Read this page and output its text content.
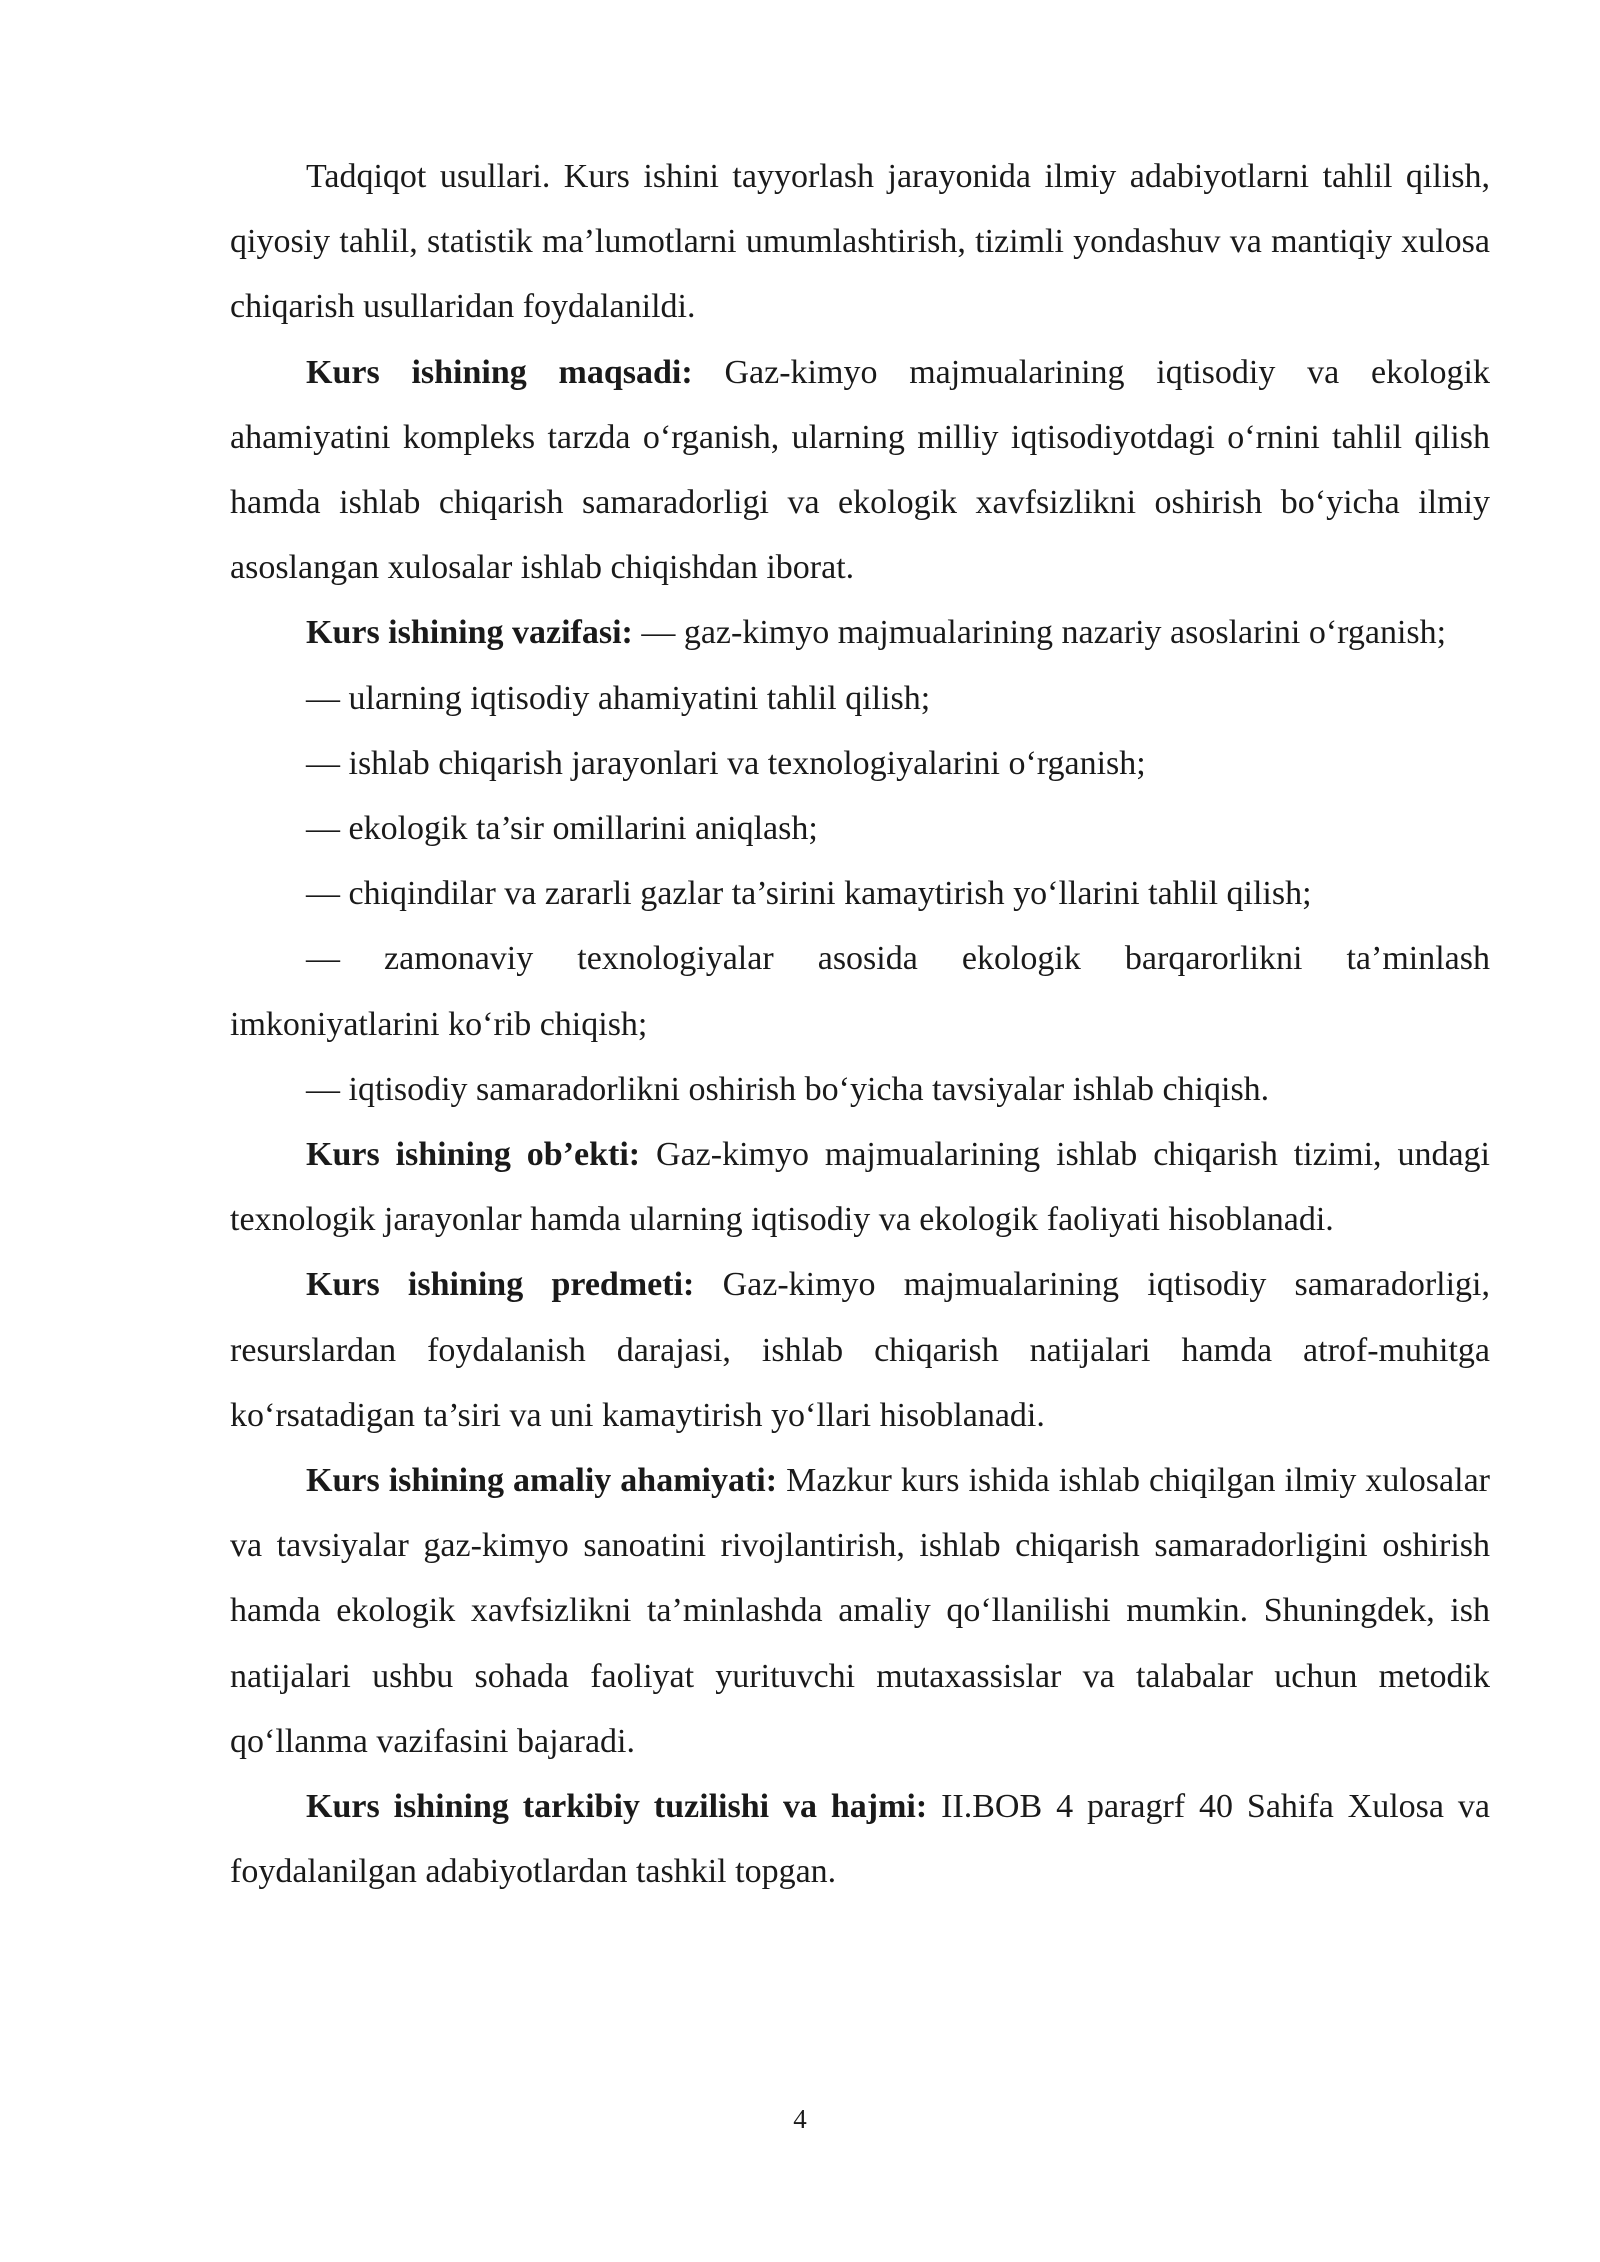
Tadqiqot usullari. Kurs ishini tayyorlash jarayonida ilmiy adabiyotlarni tahlil qilish, qiyosiy tahlil, statistik ma’lumotlarni umumlashtirish, tizimli yondashuv va mantiqiy xulosa chiqarish usullaridan foydalanildi.

Kurs ishining maqsadi: Gaz-kimyo majmualarining iqtisodiy va ekologik ahamiyatini kompleks tarzda o‘rganish, ularning milliy iqtisodiyotdagi o‘rnini tahlil qilish hamda ishlab chiqarish samaradorligi va ekologik xavfsizlikni oshirish bo‘yicha ilmiy asoslangan xulosalar ishlab chiqishdan iborat.

Kurs ishining vazifasi: — gaz-kimyo majmualarining nazariy asoslarini o‘rganish;

— ularning iqtisodiy ahamiyatini tahlil qilish;

— ishlab chiqarish jarayonlari va texnologiyalarini o‘rganish;

— ekologik ta’sir omillarini aniqlash;

— chiqindilar va zararli gazlar ta’sirini kamaytirish yo‘llarini tahlil qilish;

— zamonaviy texnologiyalar asosida ekologik barqarorlikni ta’minlash imkoniyatlarini ko‘rib chiqish;

— iqtisodiy samaradorlikni oshirish bo‘yicha tavsiyalar ishlab chiqish.

Kurs ishining ob’ekti: Gaz-kimyo majmualarining ishlab chiqarish tizimi, undagi texnologik jarayonlar hamda ularning iqtisodiy va ekologik faoliyati hisoblanadi.

Kurs ishining predmeti: Gaz-kimyo majmualarining iqtisodiy samaradorligi, resurslardan foydalanish darajasi, ishlab chiqarish natijalari hamda atrof-muhitga ko‘rsatadigan ta’siri va uni kamaytirish yo‘llari hisoblanadi.

Kurs ishining amaliy ahamiyati: Mazkur kurs ishida ishlab chiqilgan ilmiy xulosalar va tavsiyalar gaz-kimyo sanoatini rivojlantirish, ishlab chiqarish samaradorligini oshirish hamda ekologik xavfsizlikni ta’minlashda amaliy qo‘llanilishi mumkin. Shuningdek, ish natijalari ushbu sohada faoliyat yurituvchi mutaxassislar va talabalar uchun metodik qo‘llanma vazifasini bajaradi.

Kurs ishining tarkibiy tuzilishi va hajmi: II.BOB 4 paragrf 40 Sahifa Xulosa va foydalanilgan adabiyotlardan tashkil topgan.

4
